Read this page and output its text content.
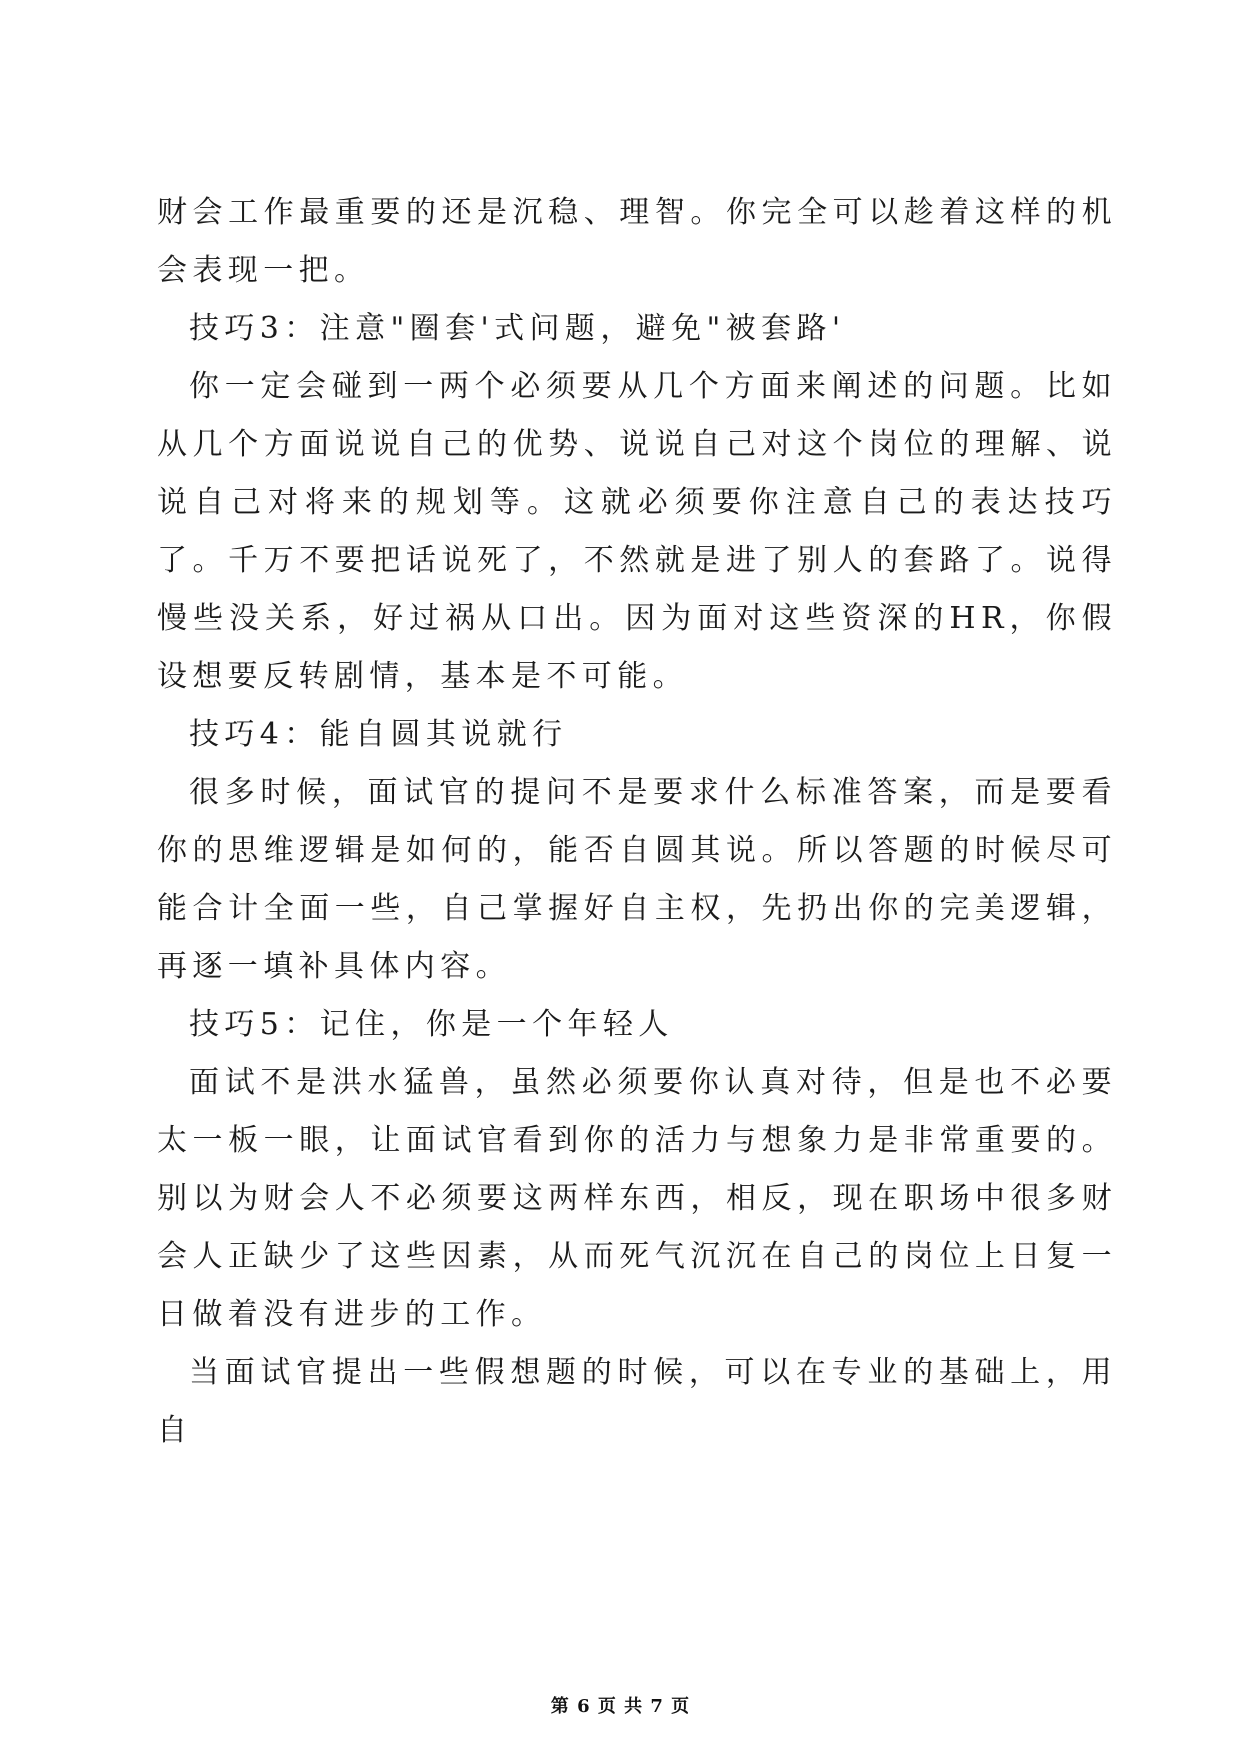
财会工作最重要的还是沉稳、理智。你完全可以趁着这样的机会表现一把。

技巧3：注意"圈套'式问题，避免"被套路'

你一定会碰到一两个必须要从几个方面来阐述的问题。比如从几个方面说说自己的优势、说说自己对这个岗位的理解、说说自己对将来的规划等。这就必须要你注意自己的表达技巧了。千万不要把话说死了，不然就是进了别人的套路了。说得慢些没关系，好过祸从口出。因为面对这些资深的HR，你假设想要反转剧情，基本是不可能。

技巧4：能自圆其说就行

很多时候，面试官的提问不是要求什么标准答案，而是要看你的思维逻辑是如何的，能否自圆其说。所以答题的时候尽可能合计全面一些，自己掌握好自主权，先扔出你的完美逻辑，再逐一填补具体内容。

技巧5：记住，你是一个年轻人

面试不是洪水猛兽，虽然必须要你认真对待，但是也不必要太一板一眼，让面试官看到你的活力与想象力是非常重要的。别以为财会人不必须要这两样东西，相反，现在职场中很多财会人正缺少了这些因素，从而死气沉沉在自己的岗位上日复一日做着没有进步的工作。

当面试官提出一些假想题的时候，可以在专业的基础上，用自

第 6 页 共 7 页
